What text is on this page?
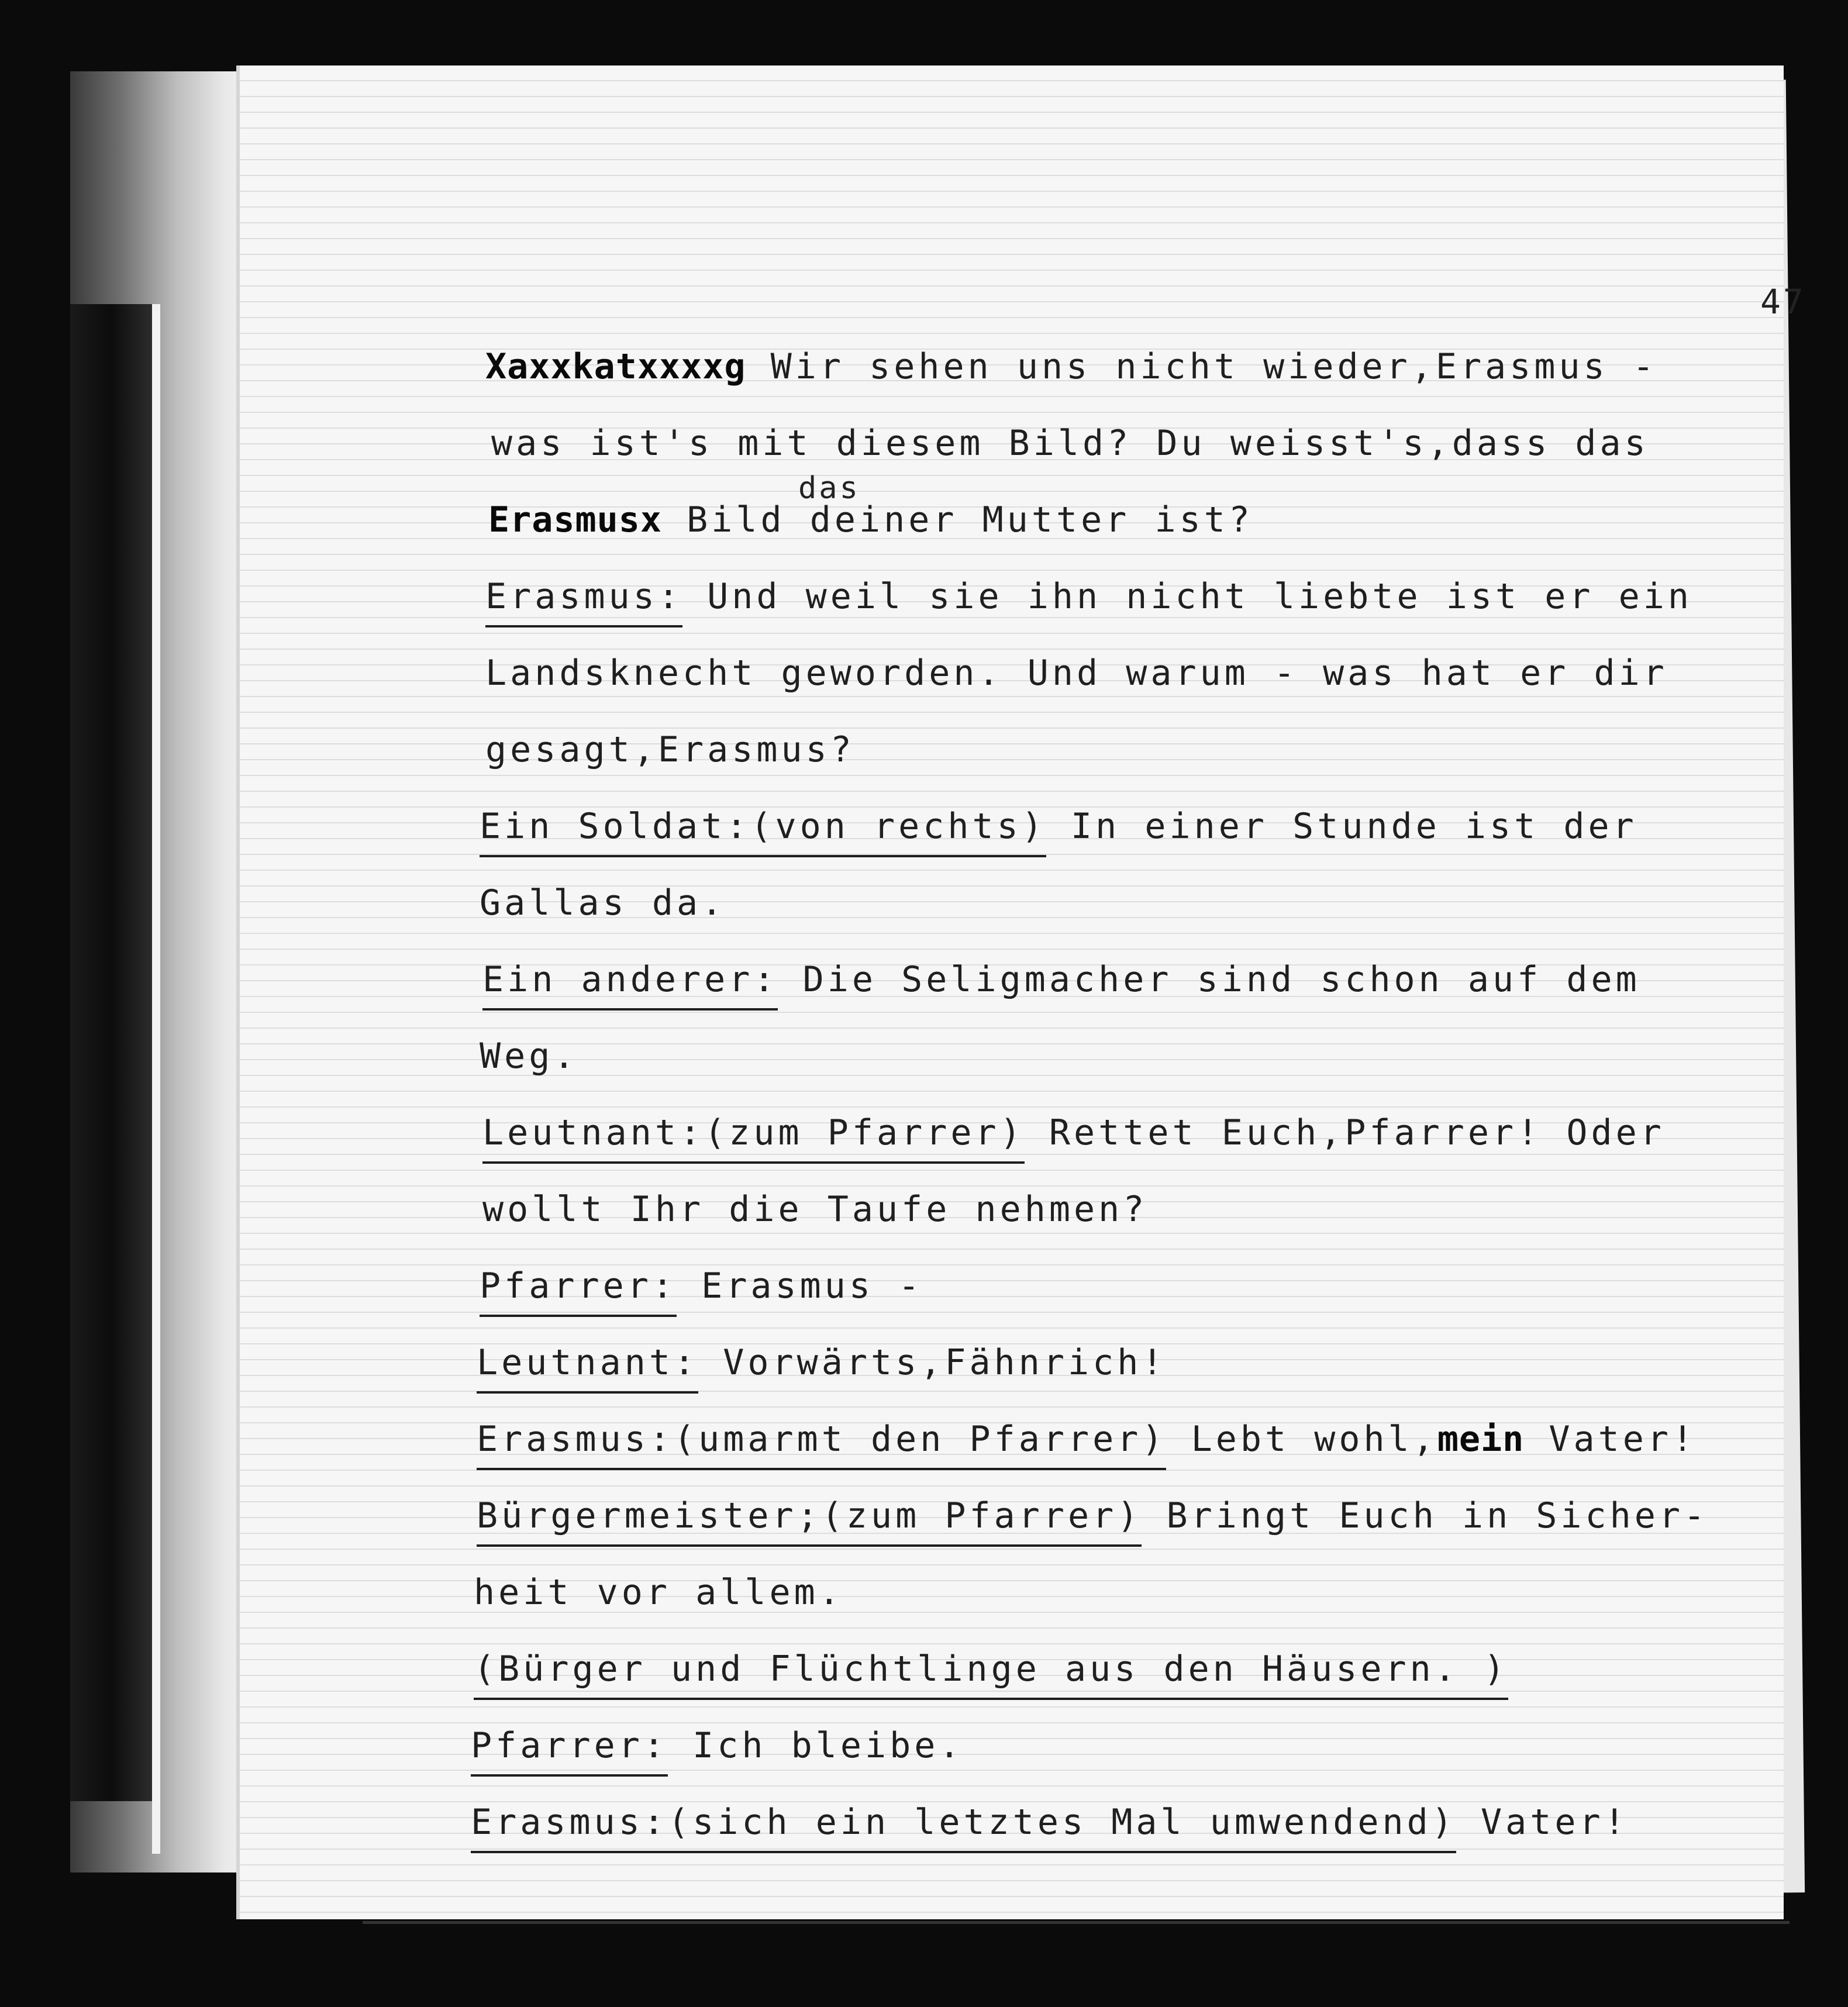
47
das
Xaxxkatxxxxg Wir sehen uns nicht wieder,Erasmus -
was ist's mit diesem Bild? Du weisst's,dass das
Erasmusx Bild deiner Mutter ist?
Erasmus: Und weil sie ihn nicht liebte ist er ein
Landsknecht geworden. Und warum - was hat er dir
gesagt,Erasmus?
Ein Soldat:(von rechts) In einer Stunde ist der
Gallas da.
Ein anderer: Die Seligmacher sind schon auf dem
Weg.
Leutnant:(zum Pfarrer) Rettet Euch,Pfarrer! Oder
wollt Ihr die Taufe nehmen?
Pfarrer: Erasmus -
Leutnant: Vorwärts,Fähnrich!
Erasmus:(umarmt den Pfarrer) Lebt wohl,mein Vater!
Bürgermeister;(zum Pfarrer) Bringt Euch in Sicher-
heit vor allem.
(Bürger und Flüchtlinge aus den Häusern. )
Pfarrer: Ich bleibe.
Erasmus:(sich ein letztes Mal umwendend) Vater!
